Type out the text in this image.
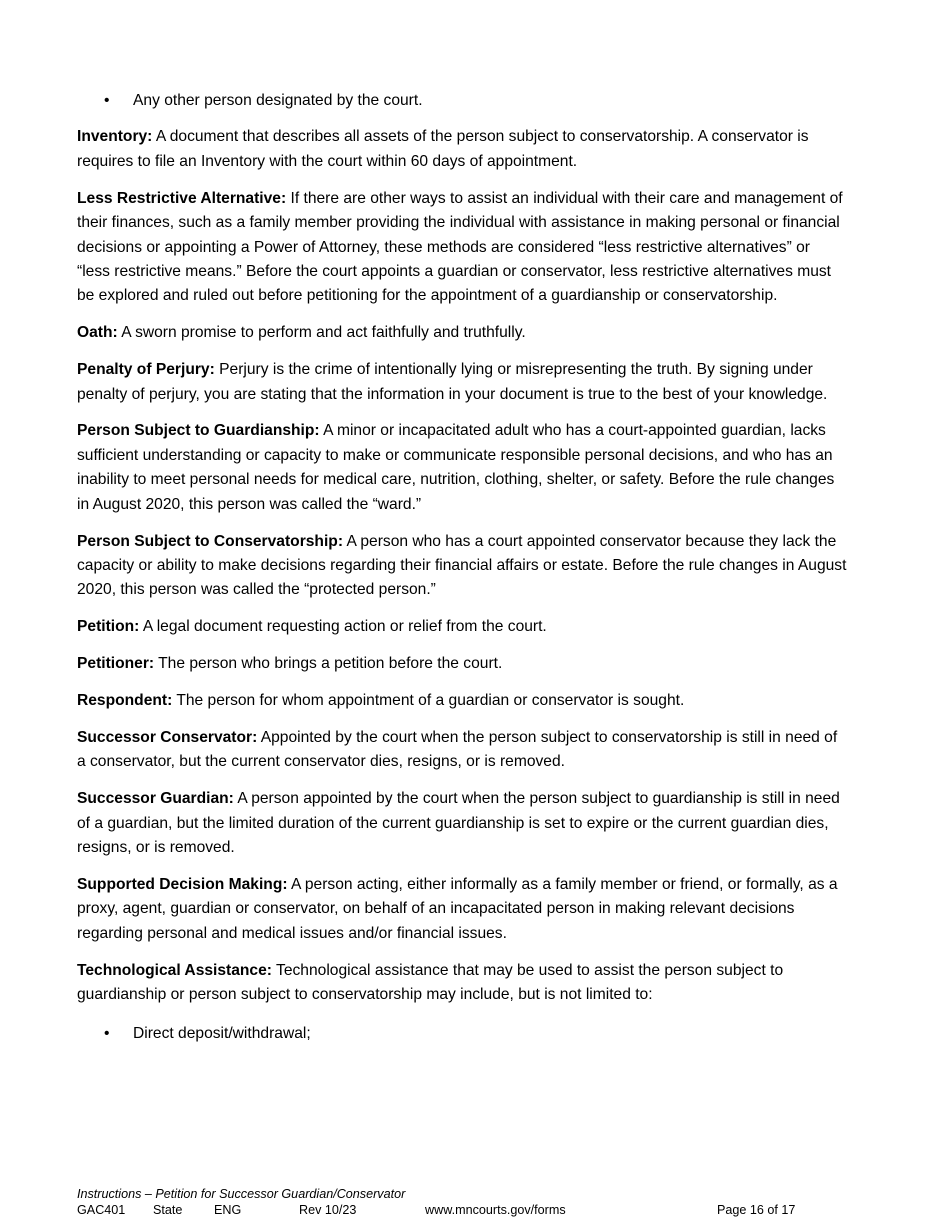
• Any other person designated by the court.

Inventory: A document that describes all assets of the person subject to conservatorship. A conservator is requires to file an Inventory with the court within 60 days of appointment.

Less Restrictive Alternative: If there are other ways to assist an individual with their care and management of their finances, such as a family member providing the individual with assistance in making personal or financial decisions or appointing a Power of Attorney, these methods are considered “less restrictive alternatives” or “less restrictive means.” Before the court appoints a guardian or conservator, less restrictive alternatives must be explored and ruled out before petitioning for the appointment of a guardianship or conservatorship.

Oath: A sworn promise to perform and act faithfully and truthfully.

Penalty of Perjury: Perjury is the crime of intentionally lying or misrepresenting the truth. By signing under penalty of perjury, you are stating that the information in your document is true to the best of your knowledge.

Person Subject to Guardianship: A minor or incapacitated adult who has a court-appointed guardian, lacks sufficient understanding or capacity to make or communicate responsible personal decisions, and who has an inability to meet personal needs for medical care, nutrition, clothing, shelter, or safety. Before the rule changes in August 2020, this person was called the “ward.”

Person Subject to Conservatorship: A person who has a court appointed conservator because they lack the capacity or ability to make decisions regarding their financial affairs or estate. Before the rule changes in August 2020, this person was called the “protected person.”

Petition: A legal document requesting action or relief from the court.

Petitioner: The person who brings a petition before the court.

Respondent: The person for whom appointment of a guardian or conservator is sought.

Successor Conservator: Appointed by the court when the person subject to conservatorship is still in need of a conservator, but the current conservator dies, resigns, or is removed.

Successor Guardian: A person appointed by the court when the person subject to guardianship is still in need of a guardian, but the limited duration of the current guardianship is set to expire or the current guardian dies, resigns, or is removed.

Supported Decision Making: A person acting, either informally as a family member or friend, or formally, as a proxy, agent, guardian or conservator, on behalf of an incapacitated person in making relevant decisions regarding personal and medical issues and/or financial issues.

Technological Assistance: Technological assistance that may be used to assist the person subject to guardianship or person subject to conservatorship may include, but is not limited to:

• Direct deposit/withdrawal;

Instructions – Petition for Successor Guardian/Conservator
GAC401 State	ENG	Rev 10/23	www.mncourts.gov/forms	Page 16 of 17
